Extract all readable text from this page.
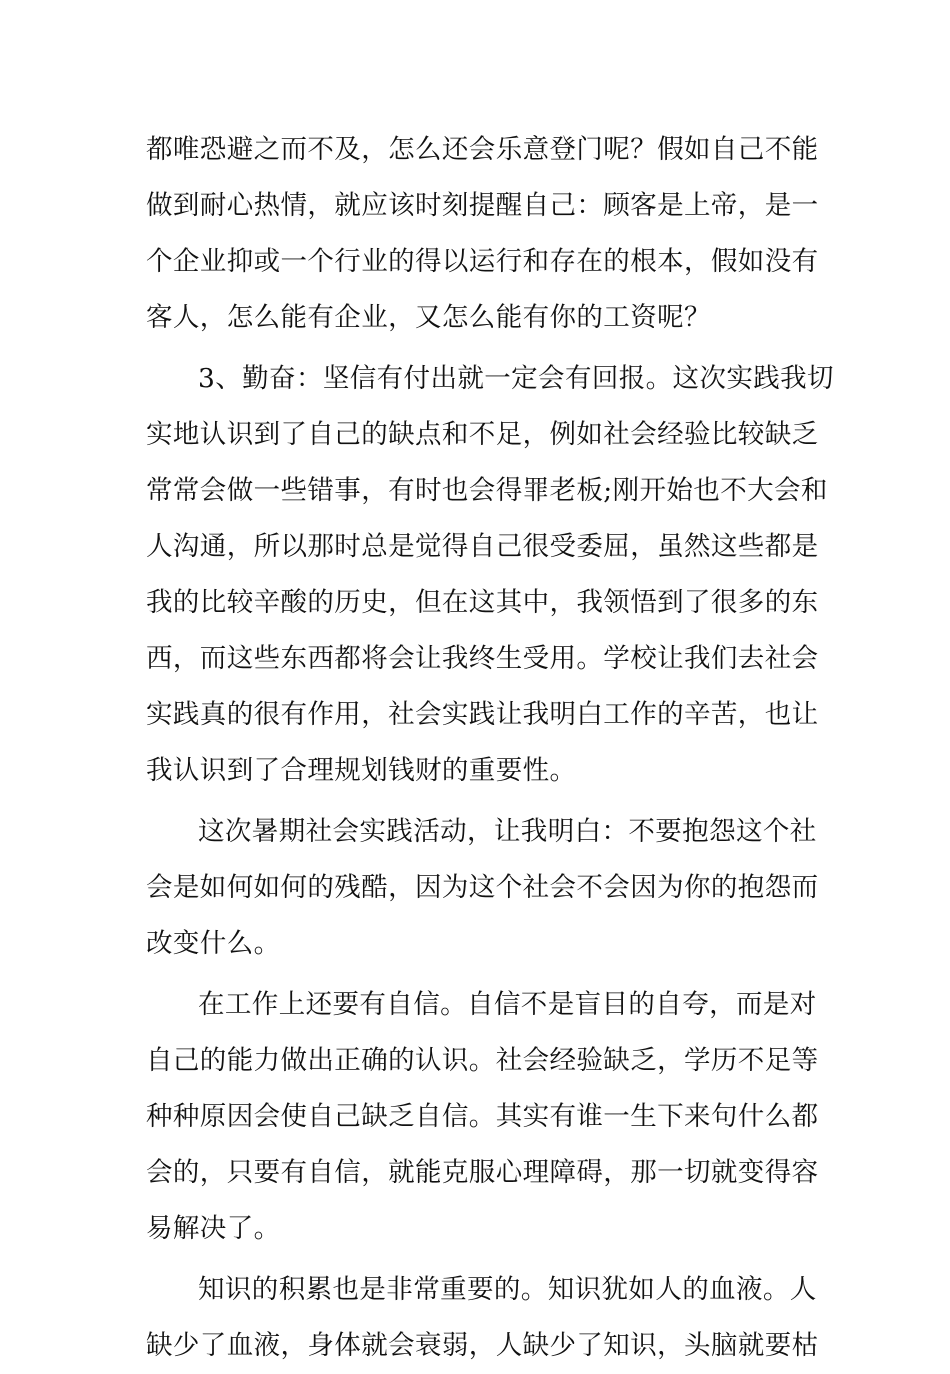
都唯恐避之而不及，怎么还会乐意登门呢？假如自己不能
做到耐心热情，就应该时刻提醒自己：顾客是上帝，是一
个企业抑或一个行业的得以运行和存在的根本，假如没有
客人，怎么能有企业，又怎么能有你的工资呢？
3、勤奋：坚信有付出就一定会有回报。这次实践我切
实地认识到了自己的缺点和不足，例如社会经验比较缺乏
常常会做一些错事，有时也会得罪老板;刚开始也不大会和
人沟通，所以那时总是觉得自己很受委屈，虽然这些都是
我的比较辛酸的历史，但在这其中，我领悟到了很多的东
西，而这些东西都将会让我终生受用。学校让我们去社会
实践真的很有作用，社会实践让我明白工作的辛苦，也让
我认识到了合理规划钱财的重要性。
这次暑期社会实践活动，让我明白：不要抱怨这个社
会是如何如何的残酷，因为这个社会不会因为你的抱怨而
改变什么。
在工作上还要有自信。自信不是盲目的自夸，而是对
自己的能力做出正确的认识。社会经验缺乏，学历不足等
种种原因会使自己缺乏自信。其实有谁一生下来句什么都
会的，只要有自信，就能克服心理障碍，那一切就变得容
易解决了。
知识的积累也是非常重要的。知识犹如人的血液。人
缺少了血液，身体就会衰弱，人缺少了知识，头脑就要枯
